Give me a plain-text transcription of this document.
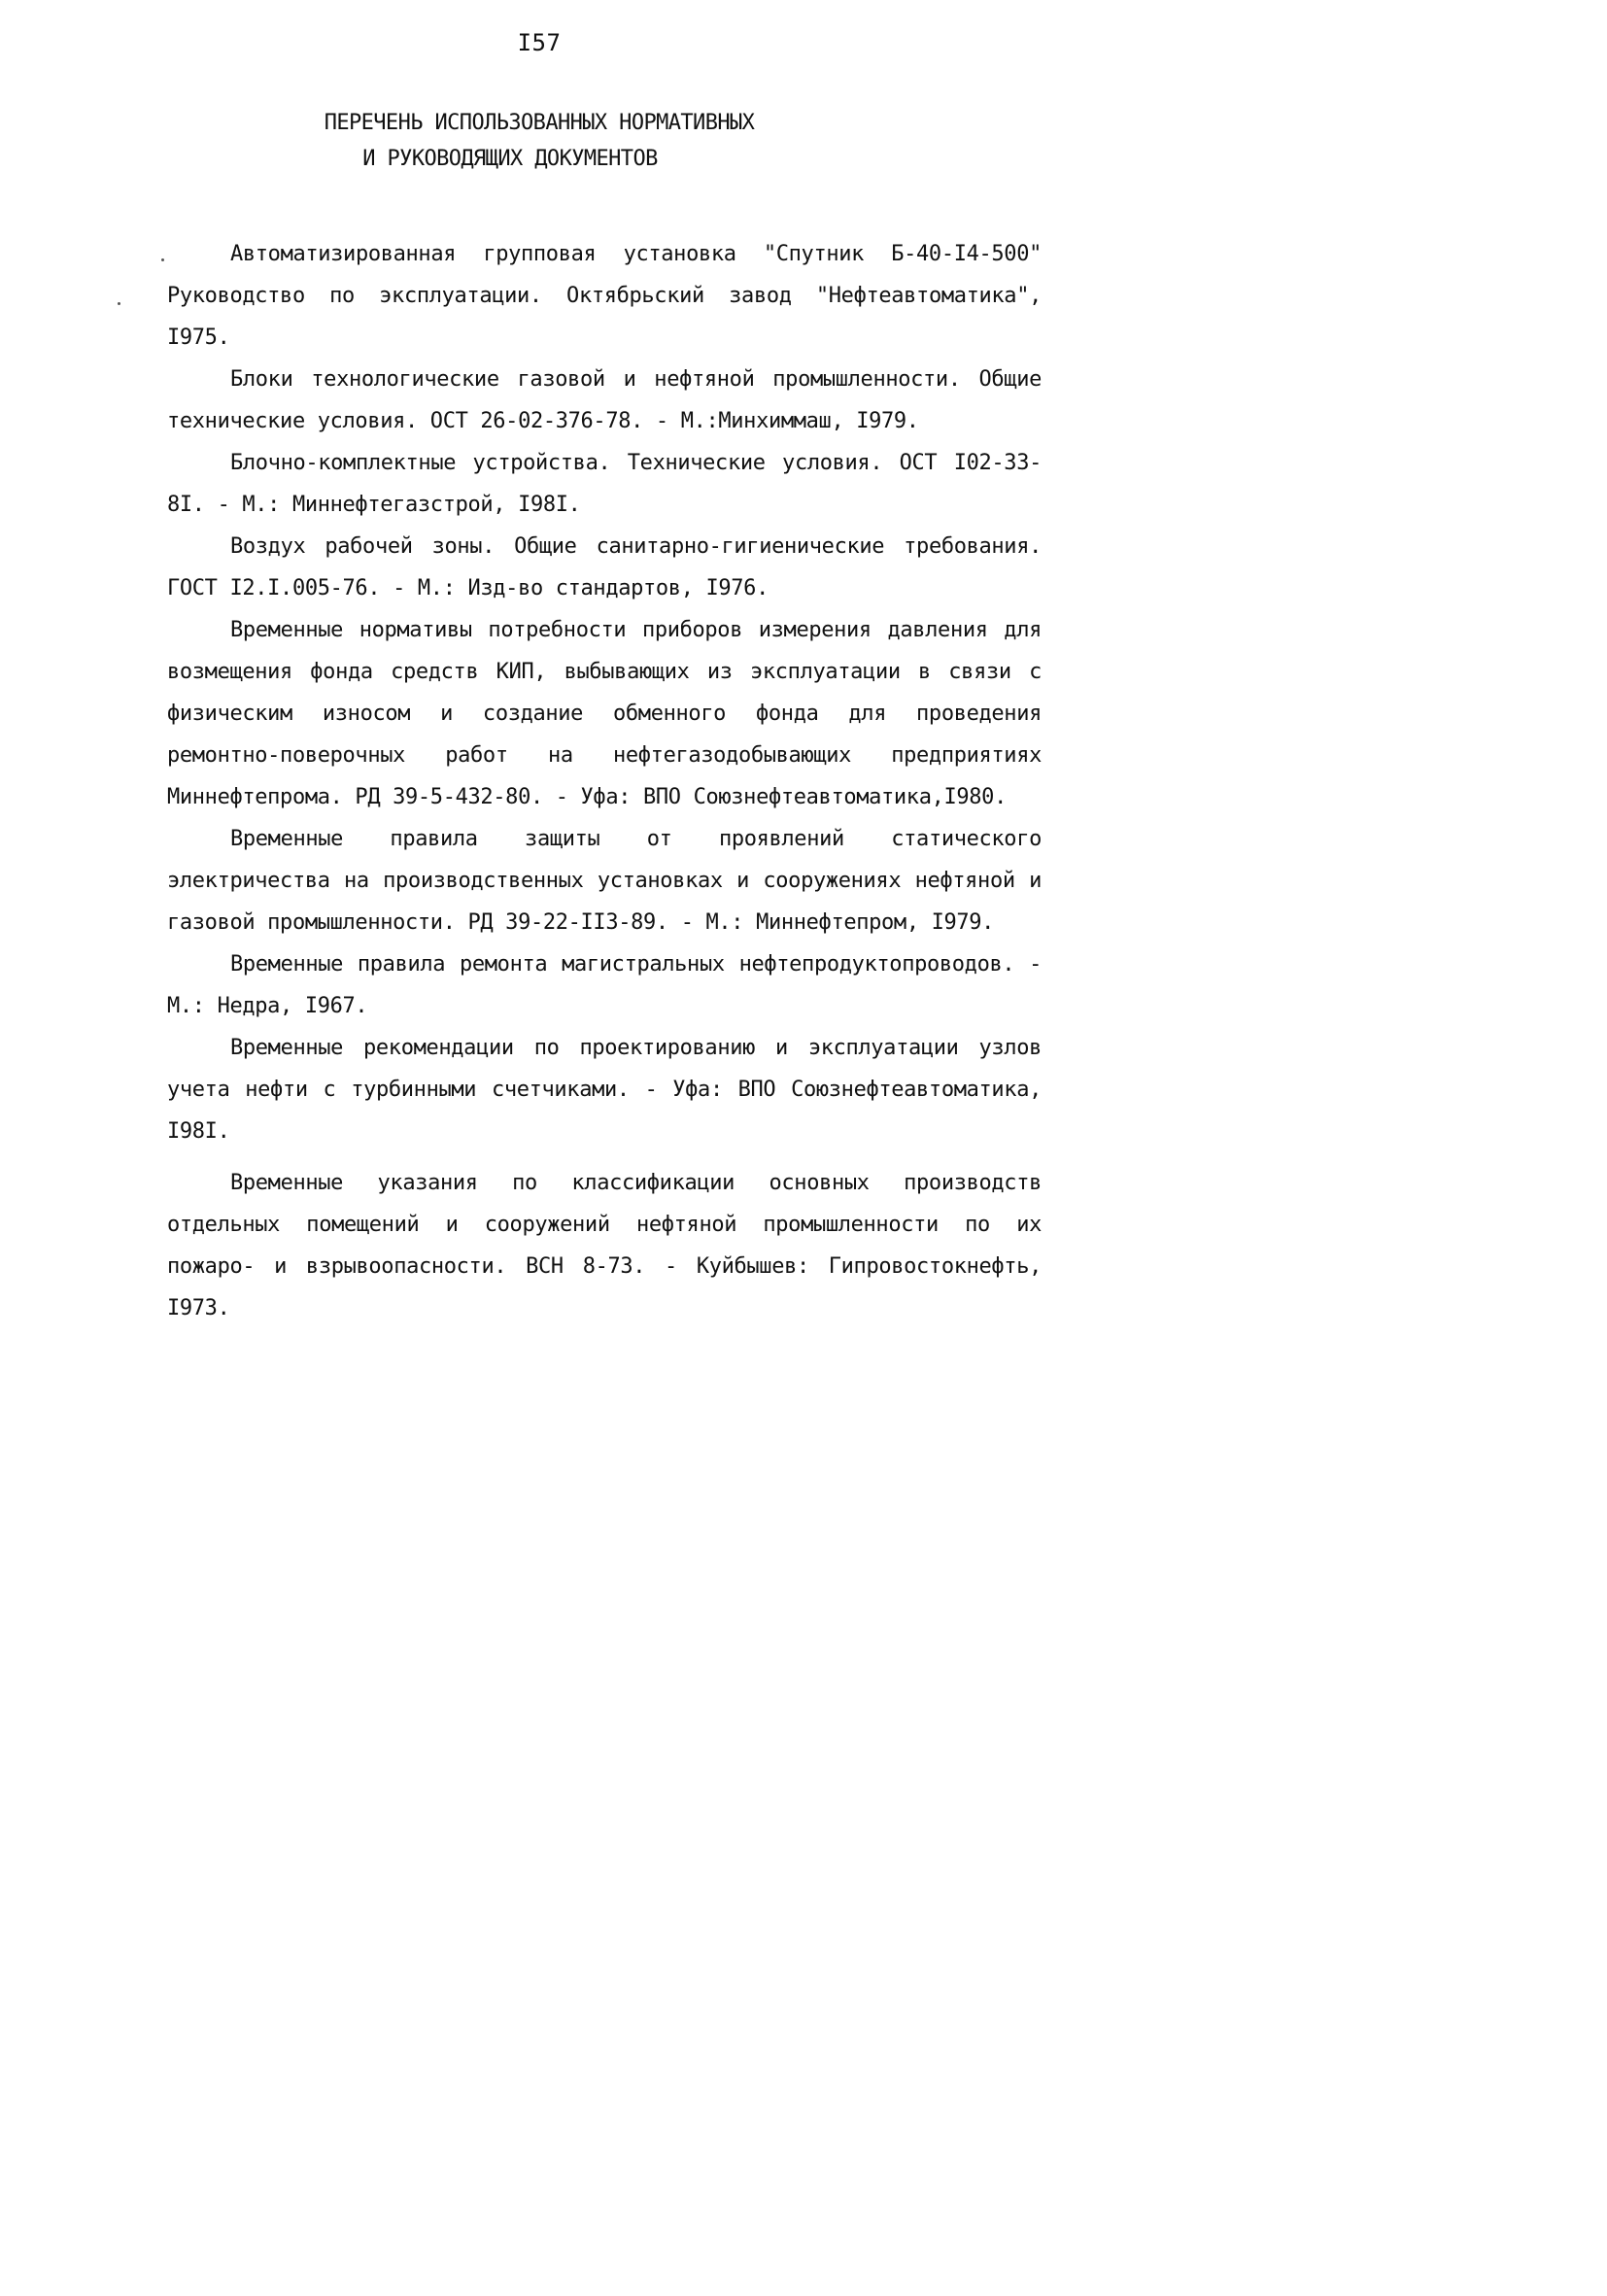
I57
ПЕРЕЧЕНЬ ИСПОЛЬЗОВАННЫХ НОРМАТИВНЫХ
И РУКОВОДЯЩИХ ДОКУМЕНТОВ

Автоматизированная групповая установка "Спутник Б-40-I4-500" Руководство по эксплуатации. Октябрьский завод "Нефтеавтоматика", I975.

Блоки технологические газовой и нефтяной промышленности. Общие технические условия. ОСТ 26-02-376-78. - М.:Минхиммаш, I979.

Блочно-комплектные устройства. Технические условия. ОСТ I02-33-8I. - М.: Миннефтегазстрой, I98I.

Воздух рабочей зоны. Общие санитарно-гигиенические требования. ГОСТ I2.I.005-76. - М.: Изд-во стандартов, I976.

Временные нормативы потребности приборов измерения давления для возмещения фонда средств КИП, выбывающих из эксплуатации в связи с физическим износом и создание обменного фонда для проведения ремонтно-поверочных работ на нефтегазодобывающих предприятиях Миннефтепрома. РД 39-5-432-80. - Уфа: ВПО Союзнефтеавтоматика,I980.

Временные правила защиты от проявлений статического электричества на производственных установках и сооружениях нефтяной и газовой промышленности. РД 39-22-II3-89. - М.: Миннефтепром, I979.

Временные правила ремонта магистральных нефтепродуктопроводов. - М.: Недра, I967.

Временные рекомендации по проектированию и эксплуатации узлов учета нефти с турбинными счетчиками. - Уфа: ВПО Союзнефтеавтоматика, I98I.

Временные указания по классификации основных производств отдельных помещений и сооружений нефтяной промышленности по их пожаро- и взрывоопасности. ВСН 8-73. - Куйбышев: Гипровостокнефть, I973.
